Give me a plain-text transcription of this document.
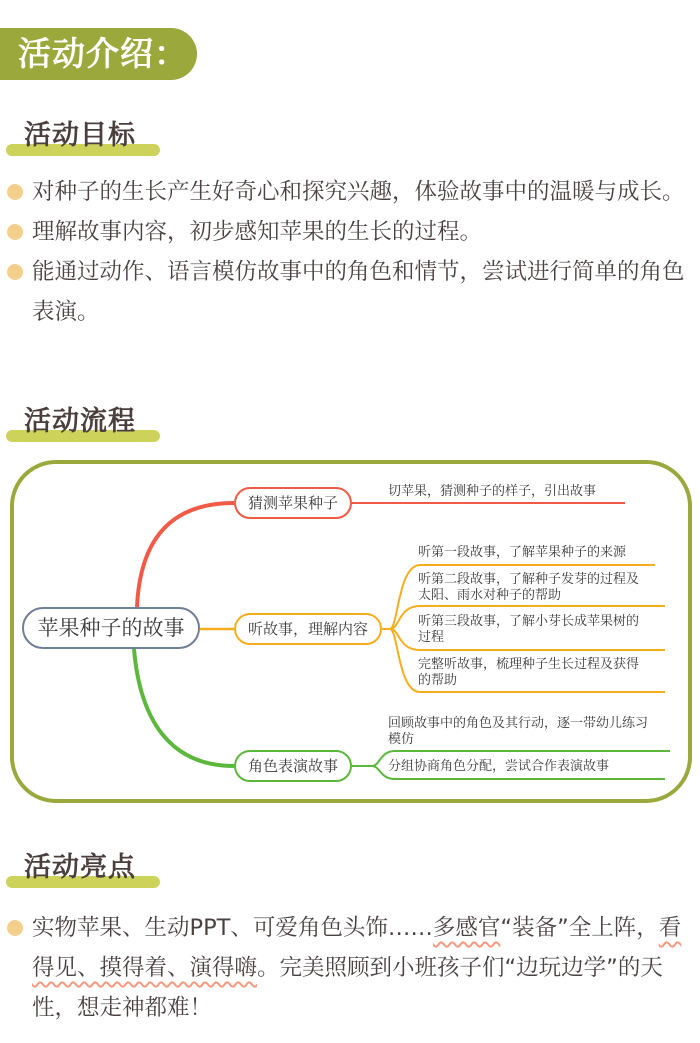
活动介绍：
活动目标
对种子的生长产生好奇心和探究兴趣，体验故事中的温暖与成长。
理解故事内容，初步感知苹果的生长的过程。
能通过动作、语言模仿故事中的角色和情节，尝试进行简单的角色表演。
活动流程
苹果种子的故事
猜测苹果种子
听故事，理解内容
角色表演故事
切苹果，猜测种子的样子，引出故事
听第一段故事，了解苹果种子的来源
听第二段故事，了解种子发芽的过程及
太阳、雨水对种子的帮助
听第三段故事，了解小芽长成苹果树的
过程
完整听故事，梳理种子生长过程及获得
的帮助
回顾故事中的角色及其行动，逐一带幼儿练习
模仿
分组协商角色分配，尝试合作表演故事
活动亮点
实物苹果、生动PPT、可爱角色头饰……多感官“装备”全上阵，看得见、摸得着、演得嗨。完美照顾到小班孩子们“边玩边学”的天性，想走神都难！
